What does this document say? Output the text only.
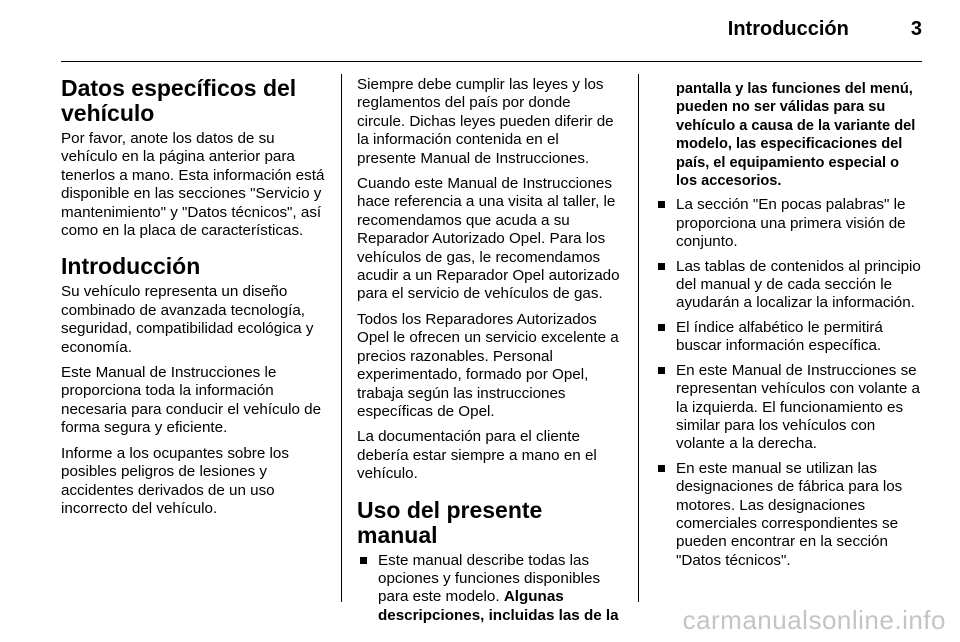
Introducción	3
Datos específicos del vehículo

Por favor, anote los datos de su vehículo en la página anterior para tenerlos a mano. Esta información está disponible en las secciones "Servicio y mantenimiento" y "Datos técnicos", así como en la placa de características.

Introducción

Su vehículo representa un diseño combinado de avanzada tecnología, seguridad, compatibilidad ecológica y economía.

Este Manual de Instrucciones le proporciona toda la información necesaria para conducir el vehículo de forma segura y eficiente.

Informe a los ocupantes sobre los posibles peligros de lesiones y accidentes derivados de un uso incorrecto del vehículo.

Siempre debe cumplir las leyes y los reglamentos del país por donde circule. Dichas leyes pueden diferir de la información contenida en el presente Manual de Instrucciones.

Cuando este Manual de Instrucciones hace referencia a una visita al taller, le recomendamos que acuda a su Reparador Autorizado Opel. Para los vehículos de gas, le recomendamos acudir a un Reparador Opel autorizado para el servicio de vehículos de gas.

Todos los Reparadores Autorizados Opel le ofrecen un servicio excelente a precios razonables. Personal experimentado, formado por Opel, trabaja según las instrucciones específicas de Opel.

La documentación para el cliente debería estar siempre a mano en el vehículo.

Uso del presente manual
Este manual describe todas las opciones y funciones disponibles para este modelo. Algunas descripciones, incluidas las de la
pantalla y las funciones del menú, pueden no ser válidas para su vehículo a causa de la variante del modelo, las especificaciones del país, el equipamiento especial o los accesorios.
La sección "En pocas palabras" le proporciona una primera visión de conjunto.
Las tablas de contenidos al principio del manual y de cada sección le ayudarán a localizar la información.
El índice alfabético le permitirá buscar información específica.
En este Manual de Instrucciones se representan vehículos con volante a la izquierda. El funcionamiento es similar para los vehículos con volante a la derecha.
En este manual se utilizan las designaciones de fábrica para los motores. Las designaciones comerciales correspondientes se pueden encontrar en la sección "Datos técnicos".
carmanualsonline.info
